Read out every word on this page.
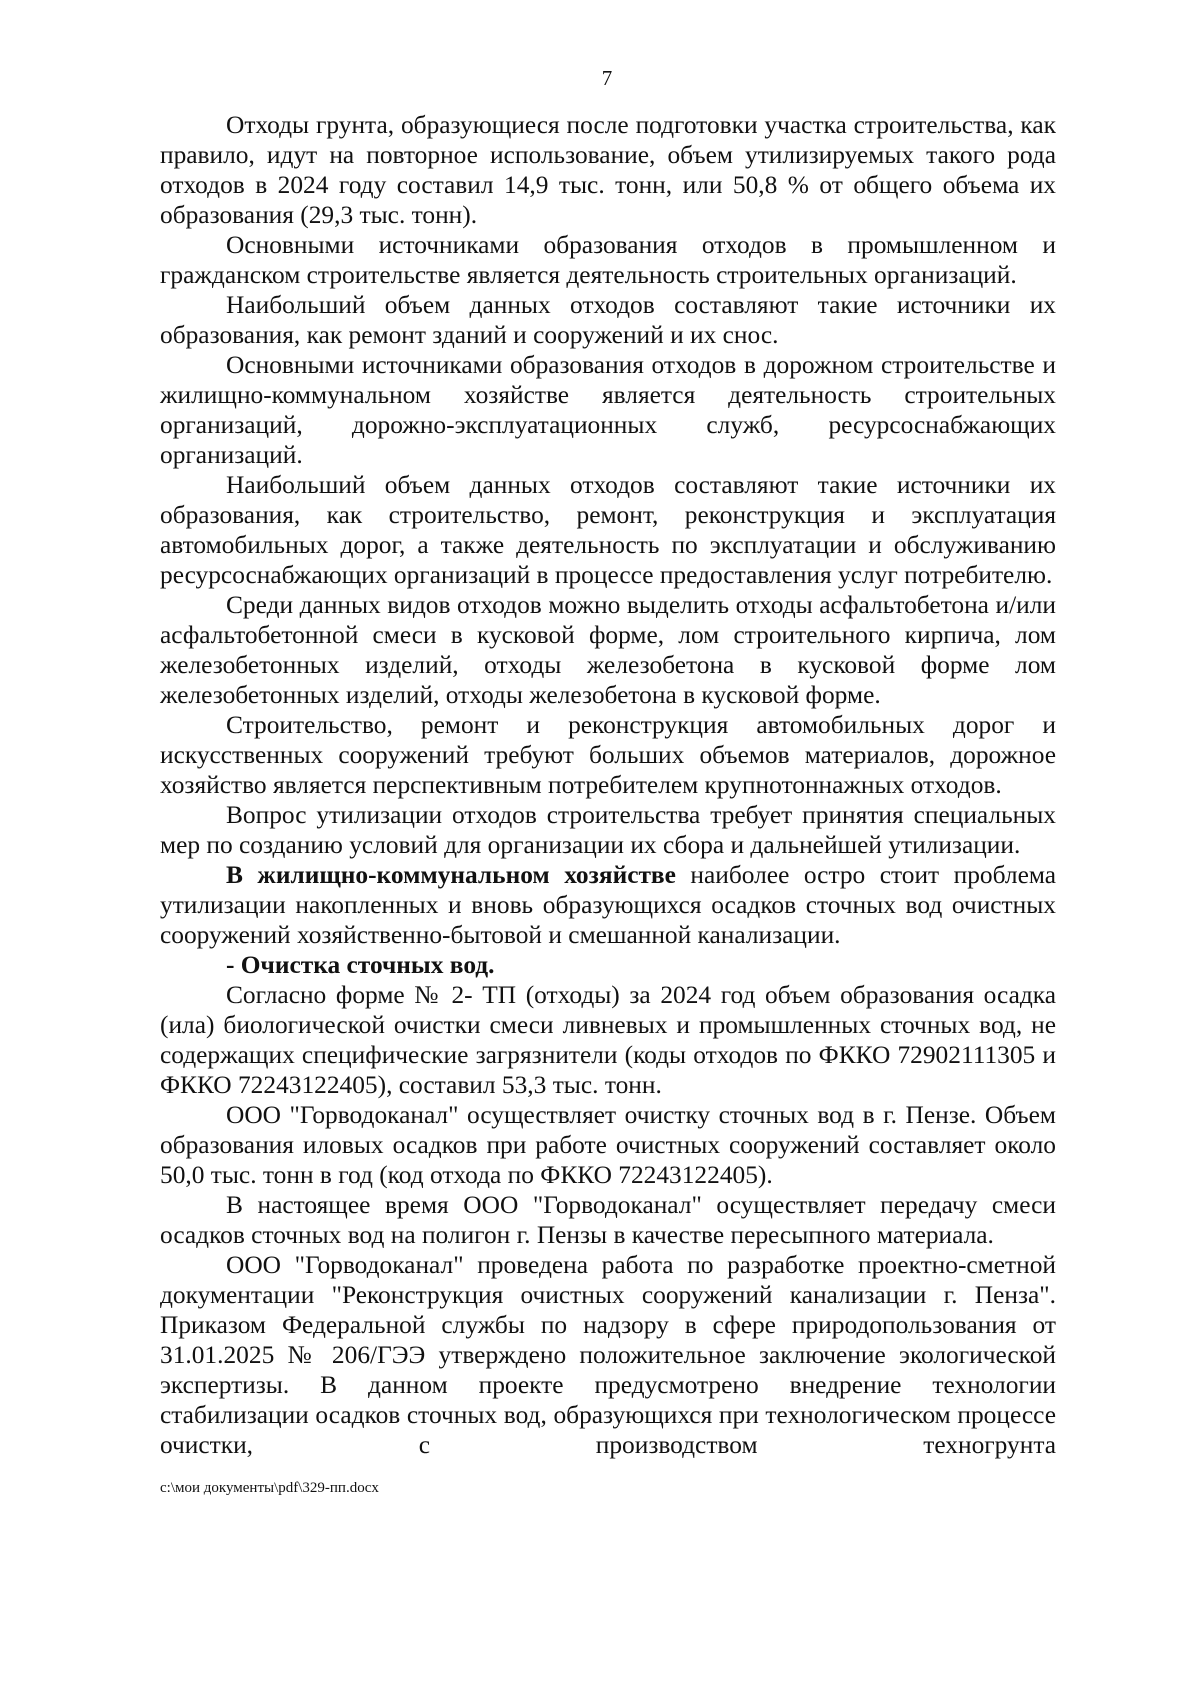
7

Отходы грунта, образующиеся после подготовки участка строительства, как правило, идут на повторное использование, объем утилизируемых такого рода отходов в 2024 году составил 14,9 тыс. тонн, или 50,8 % от общего объема их образования (29,3 тыс. тонн).

Основными источниками образования отходов в промышленном и гражданском строительстве является деятельность строительных организаций.

Наибольший объем данных отходов составляют такие источники их образования, как ремонт зданий и сооружений и их снос.

Основными источниками образования отходов в дорожном строительстве и жилищно-коммунальном хозяйстве является деятельность строительных организаций, дорожно-эксплуатационных служб, ресурсоснабжающих организаций.

Наибольший объем данных отходов составляют такие источники их образования, как строительство, ремонт, реконструкция и эксплуатация автомобильных дорог, а также деятельность по эксплуатации и обслуживанию ресурсоснабжающих организаций в процессе предоставления услуг потребителю.

Среди данных видов отходов можно выделить отходы асфальтобетона и/или асфальтобетонной смеси в кусковой форме, лом строительного кирпича, лом железобетонных изделий, отходы железобетона в кусковой форме лом железобетонных изделий, отходы железобетона в кусковой форме.

Строительство, ремонт и реконструкция автомобильных дорог и искусственных сооружений требуют больших объемов материалов, дорожное хозяйство является перспективным потребителем крупнотоннажных отходов.

Вопрос утилизации отходов строительства требует принятия специальных мер по созданию условий для организации их сбора и дальнейшей утилизации.

В жилищно-коммунальном хозяйстве наиболее остро стоит проблема утилизации накопленных и вновь образующихся осадков сточных вод очистных сооружений хозяйственно-бытовой и смешанной канализации.

- Очистка сточных вод.

Согласно форме № 2- ТП (отходы) за 2024 год объем образования осадка (ила) биологической очистки смеси ливневых и промышленных сточных вод, не содержащих специфические загрязнители (коды отходов по ФККО 72902111305 и ФККО 72243122405), составил 53,3 тыс. тонн.

ООО "Горводоканал" осуществляет очистку сточных вод в г. Пензе. Объем образования иловых осадков при работе очистных сооружений составляет около 50,0 тыс. тонн в год (код отхода по ФККО 72243122405).

В настоящее время ООО "Горводоканал" осуществляет передачу смеси осадков сточных вод на полигон г. Пензы в качестве пересыпного материала.

ООО "Горводоканал" проведена работа по разработке проектно-сметной документации "Реконструкция очистных сооружений канализации г. Пенза". Приказом Федеральной службы по надзору в сфере природопользования от 31.01.2025 № 206/ГЭЭ утверждено положительное заключение экологической экспертизы. В данном проекте предусмотрено внедрение технологии стабилизации осадков сточных вод, образующихся при технологическом процессе очистки, с производством техногрунта

c:\мои документы\pdf\329-пп.docx
